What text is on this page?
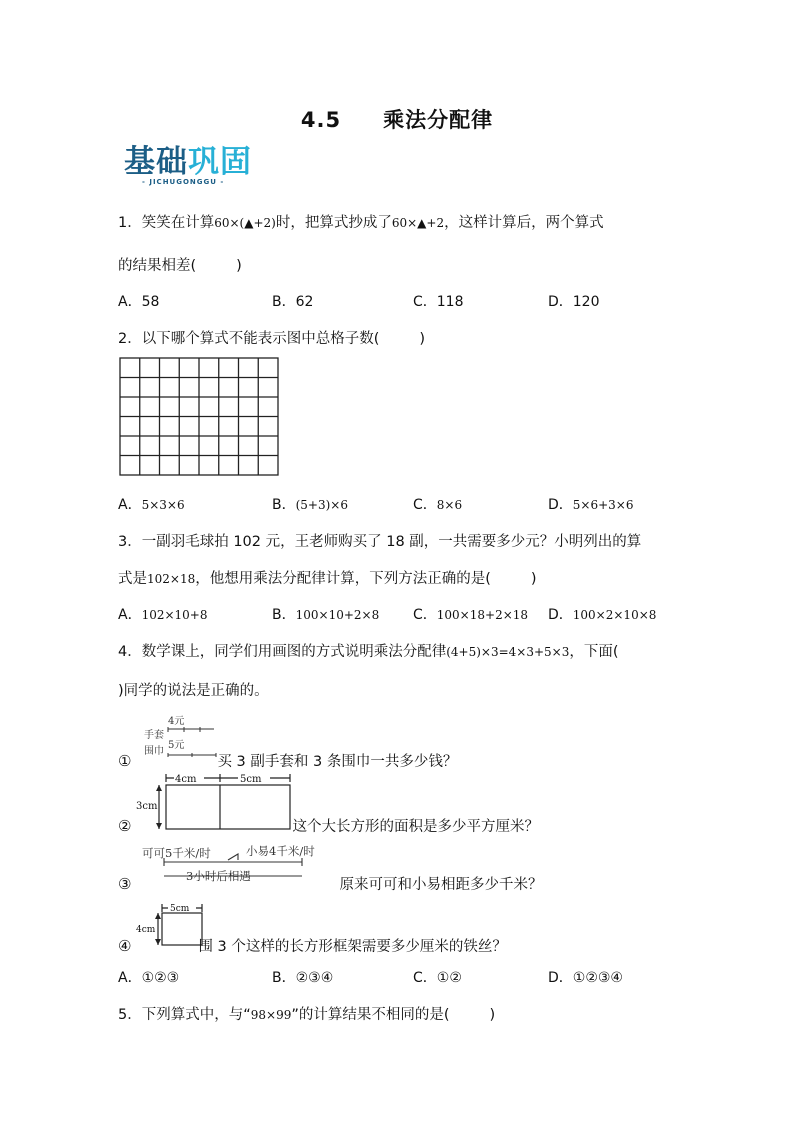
4.5 乘法分配律
基础巩固
- JICHUGONGGU -
1．笑笑在计算60×(▲+2)时，把算式抄成了60×▲+2，这样计算后，两个算式
的结果相差(	)
A．58	B．62	C．118	D．120
2．以下哪个算式不能表示图中总格子数(	)
A．5×3×6	B．(5+3)×6	C．8×6	D．5×6+3×6
3．一副羽毛球拍 102 元，王老师购买了 18 副，一共需要多少元？小明列出的算
式是102×18，他想用乘法分配律计算，下列方法正确的是(	)
A．102×10+8	B．100×10+2×8 C．100×18+2×18 D．100×2×10×8
4．数学课上，同学们用画图的方式说明乘法分配律(4+5)×3=4×3+5×3，下面(
)同学的说法是正确的。
4元
手套
围巾
5元
①	买 3 副手套和 3 条围巾一共多少钱？
4cm	5cm
3cm
②	这个大长方形的面积是多少平方厘米？
可可5千米/时	小易4千米/时
3小时后相遇
③	原来可可和小易相距多少千米？
5cm
4cm
④	围 3 个这样的长方形框架需要多少厘米的铁丝？
A．①②③	B．②③④	C．①②	D．①②③④
5．下列算式中，与“98×99”的计算结果不相同的是(	)
